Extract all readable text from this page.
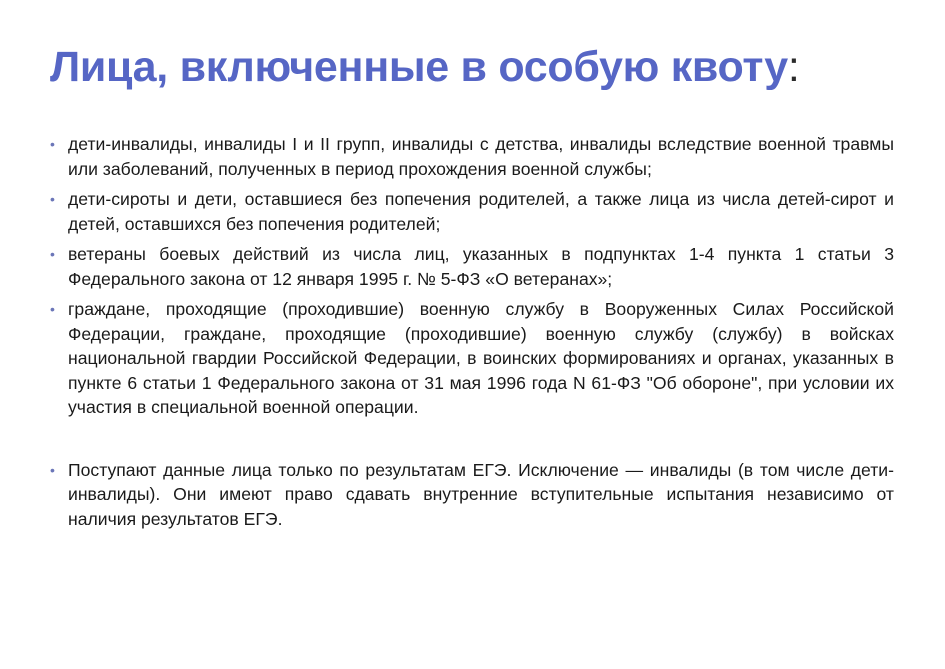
Лица, включенные в особую квоту:
• дети-инвалиды, инвалиды I и II групп, инвалиды с детства, инвалиды вследствие военной травмы или заболеваний, полученных в период прохождения военной службы;
• дети-сироты и дети, оставшиеся без попечения родителей, а также лица из числа детей-сирот и детей, оставшихся без попечения родителей;
• ветераны боевых действий из числа лиц, указанных в подпунктах 1-4 пункта 1 статьи 3 Федерального закона от 12 января 1995 г. № 5-ФЗ «О ветеранах»;
• граждане, проходящие (проходившие) военную службу в Вооруженных Силах Российской Федерации, граждане, проходящие (проходившие) военную службу (службу) в войсках национальной гвардии Российской Федерации, в воинских формированиях и органах, указанных в пункте 6 статьи 1 Федерального закона от 31 мая 1996 года N 61-ФЗ "Об обороне", при условии их участия в специальной военной операции.
• Поступают данные лица только по результатам ЕГЭ. Исключение — инвалиды (в том числе дети-инвалиды). Они имеют право сдавать внутренние вступительные испытания независимо от наличия результатов ЕГЭ.
